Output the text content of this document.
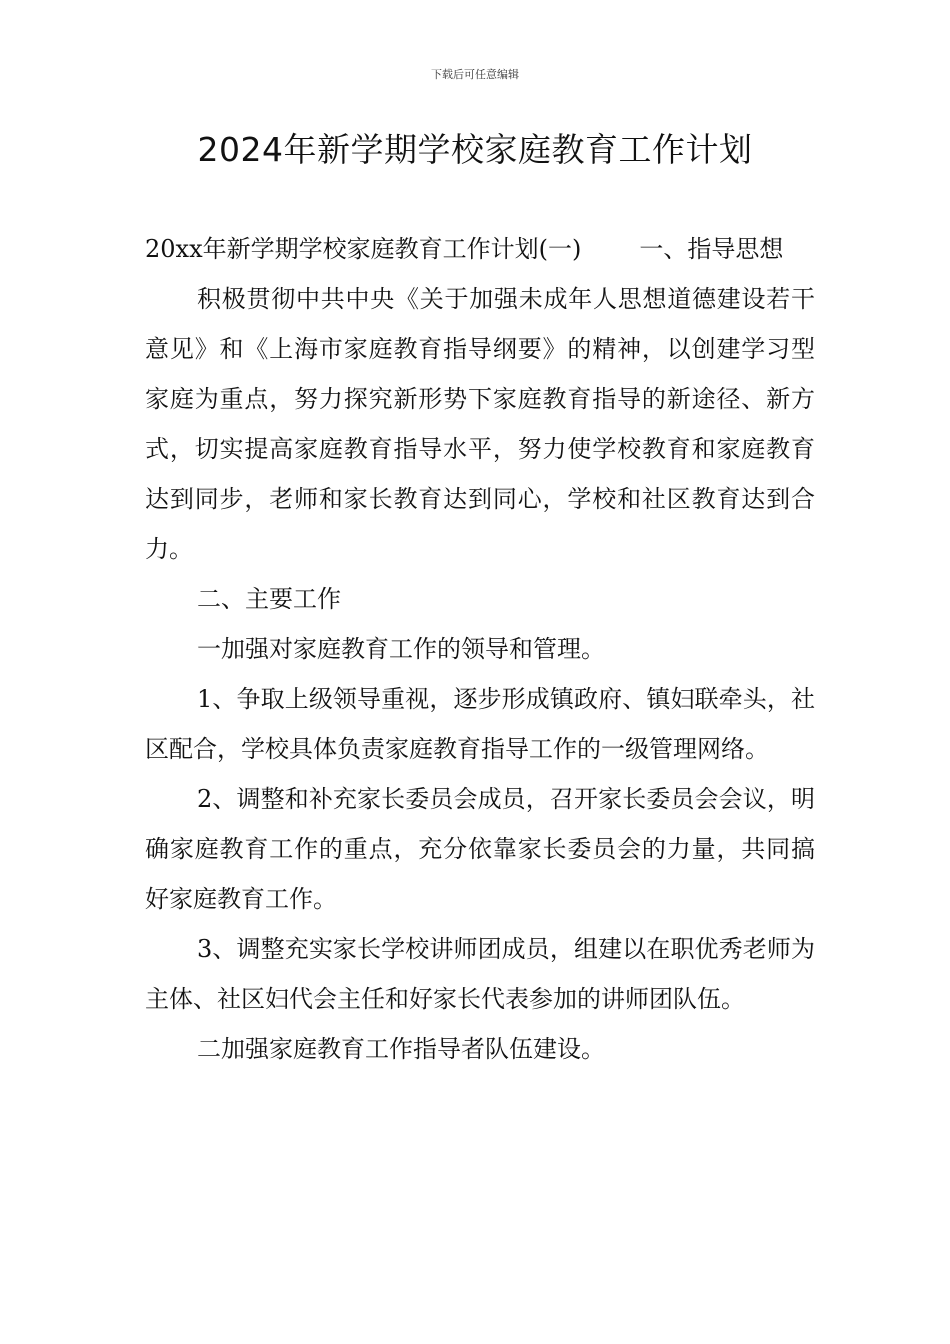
下载后可任意编辑
2024年新学期学校家庭教育工作计划

20xx年新学期学校家庭教育工作计划(一) 一、指导思想

积极贯彻中共中央《关于加强未成年人思想道德建设若干意见》和《上海市家庭教育指导纲要》的精神，以创建学习型家庭为重点，努力探究新形势下家庭教育指导的新途径、新方式，切实提高家庭教育指导水平，努力使学校教育和家庭教育达到同步，老师和家长教育达到同心，学校和社区教育达到合力。

二、主要工作

一加强对家庭教育工作的领导和管理。

1、争取上级领导重视，逐步形成镇政府、镇妇联牵头，社区配合，学校具体负责家庭教育指导工作的一级管理网络。

2、调整和补充家长委员会成员，召开家长委员会会议，明确家庭教育工作的重点，充分依靠家长委员会的力量，共同搞好家庭教育工作。

3、调整充实家长学校讲师团成员，组建以在职优秀老师为主体、社区妇代会主任和好家长代表参加的讲师团队伍。

二加强家庭教育工作指导者队伍建设。
